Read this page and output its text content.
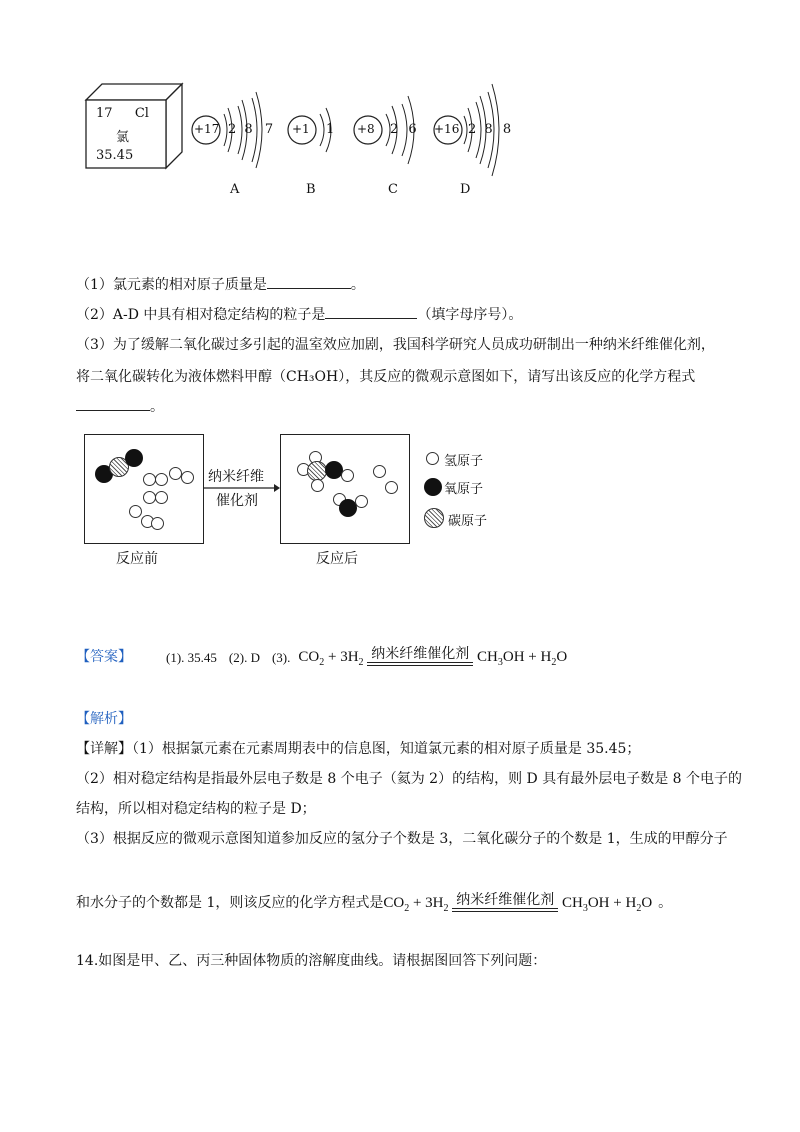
17 Cl
氯
35.45
+17 2 8 7
A
+1 1
B
+8 2 6
C
+16 2 8 8
D
（1）氯元素的相对原子质量是	。
（2）A-D 中具有相对稳定结构的粒子是	（填字母序号）。
（3）为了缓解二氧化碳过多引起的温室效应加剧，我国科学研究人员成功研制出一种纳米纤维催化剂，
将二氧化碳转化为液体燃料甲醇（CH₃OH），其反应的微观示意图如下，请写出该反应的化学方程式
。
纳米纤维
催化剂
反应前	反应后
氢原子
氧原子
碳原子
【答案】	(1). 35.45 (2). D (3). $CO_2 + 3H_2$
纳米纤维催化剂 $CH_3OH + H_2O$
【解析】
【详解】（1）根据氯元素在元素周期表中的信息图，知道氯元素的相对原子质量是 35.45；
（2）相对稳定结构是指最外层电子数是 8 个电子（氦为 2）的结构，则 D 具有最外层电子数是 8 个电子的
结构，所以相对稳定结构的粒子是 D；
（3）根据反应的微观示意图知道参加反应的氢分子个数是 3，二氧化碳分子的个数是 1，生成的甲醇分子
和水分子的个数都是 1，则该反应的化学方程式是 $CO_2 + 3H_2$
纳米纤维催化剂 $CH_3OH + H_2O$ 。
14.如图是甲、乙、丙三种固体物质的溶解度曲线。请根据图回答下列问题：
